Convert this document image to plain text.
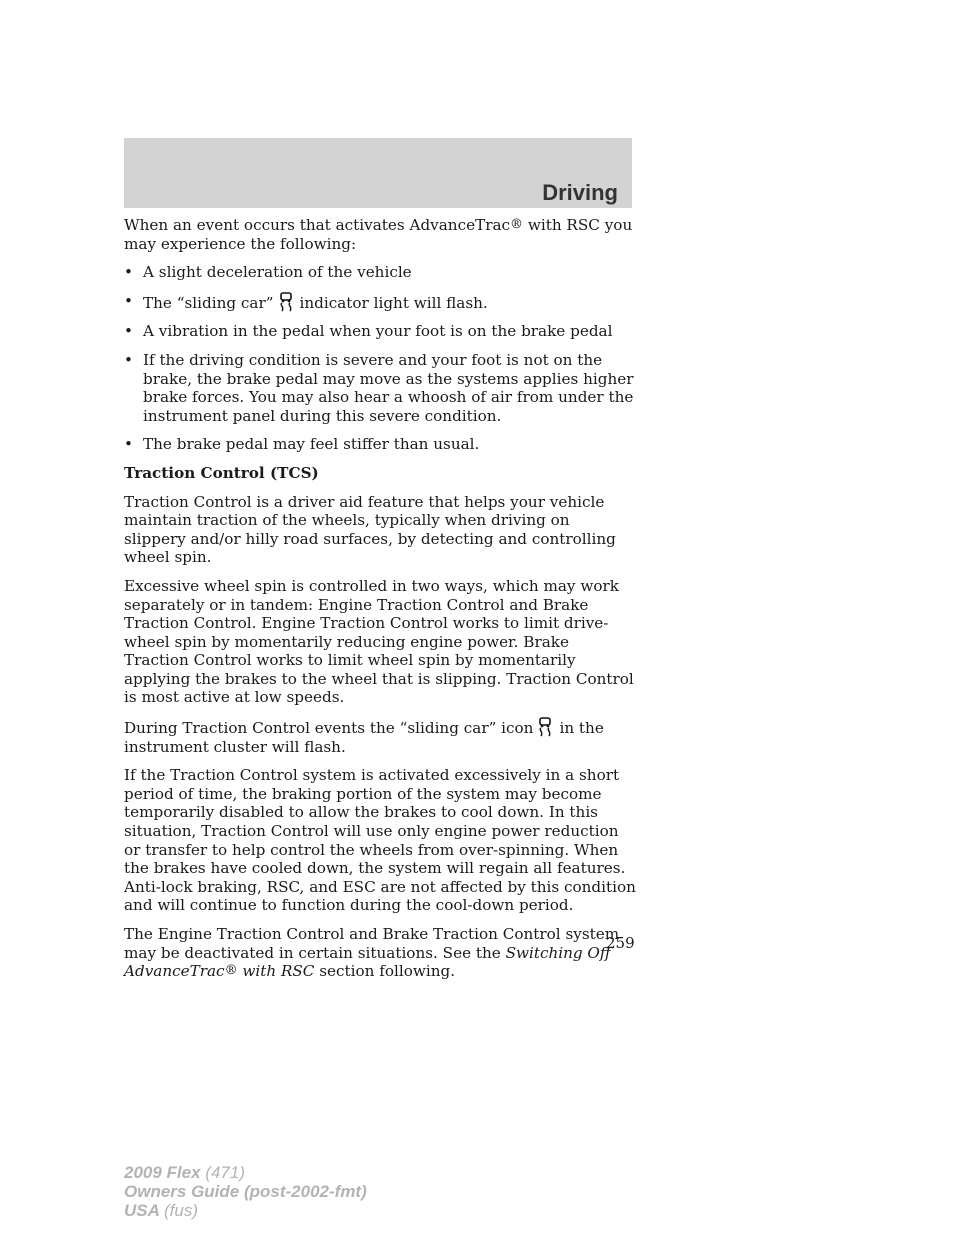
Driving

When an event occurs that activates AdvanceTrac® with RSC you may experience the following:

• A slight deceleration of the vehicle
• The “sliding car” indicator light will flash.
• A vibration in the pedal when your foot is on the brake pedal
• If the driving condition is severe and your foot is not on the brake, the brake pedal may move as the systems applies higher brake forces. You may also hear a whoosh of air from under the instrument panel during this severe condition.
• The brake pedal may feel stiffer than usual.
Traction Control (TCS)

Traction Control is a driver aid feature that helps your vehicle maintain traction of the wheels, typically when driving on slippery and/or hilly road surfaces, by detecting and controlling wheel spin.

Excessive wheel spin is controlled in two ways, which may work separately or in tandem: Engine Traction Control and Brake Traction Control. Engine Traction Control works to limit drive-wheel spin by momentarily reducing engine power. Brake Traction Control works to limit wheel spin by momentarily applying the brakes to the wheel that is slipping. Traction Control is most active at low speeds.

During Traction Control events the “sliding car” icon in the instrument cluster will flash.

If the Traction Control system is activated excessively in a short period of time, the braking portion of the system may become temporarily disabled to allow the brakes to cool down. In this situation, Traction Control will use only engine power reduction or transfer to help control the wheels from over-spinning. When the brakes have cooled down, the system will regain all features. Anti-lock braking, RSC, and ESC are not affected by this condition and will continue to function during the cool-down period.

The Engine Traction Control and Brake Traction Control system may be deactivated in certain situations. See the Switching Off AdvanceTrac® with RSC section following.

259
2009 Flex (471)
Owners Guide (post-2002-fmt)
USA (fus)
